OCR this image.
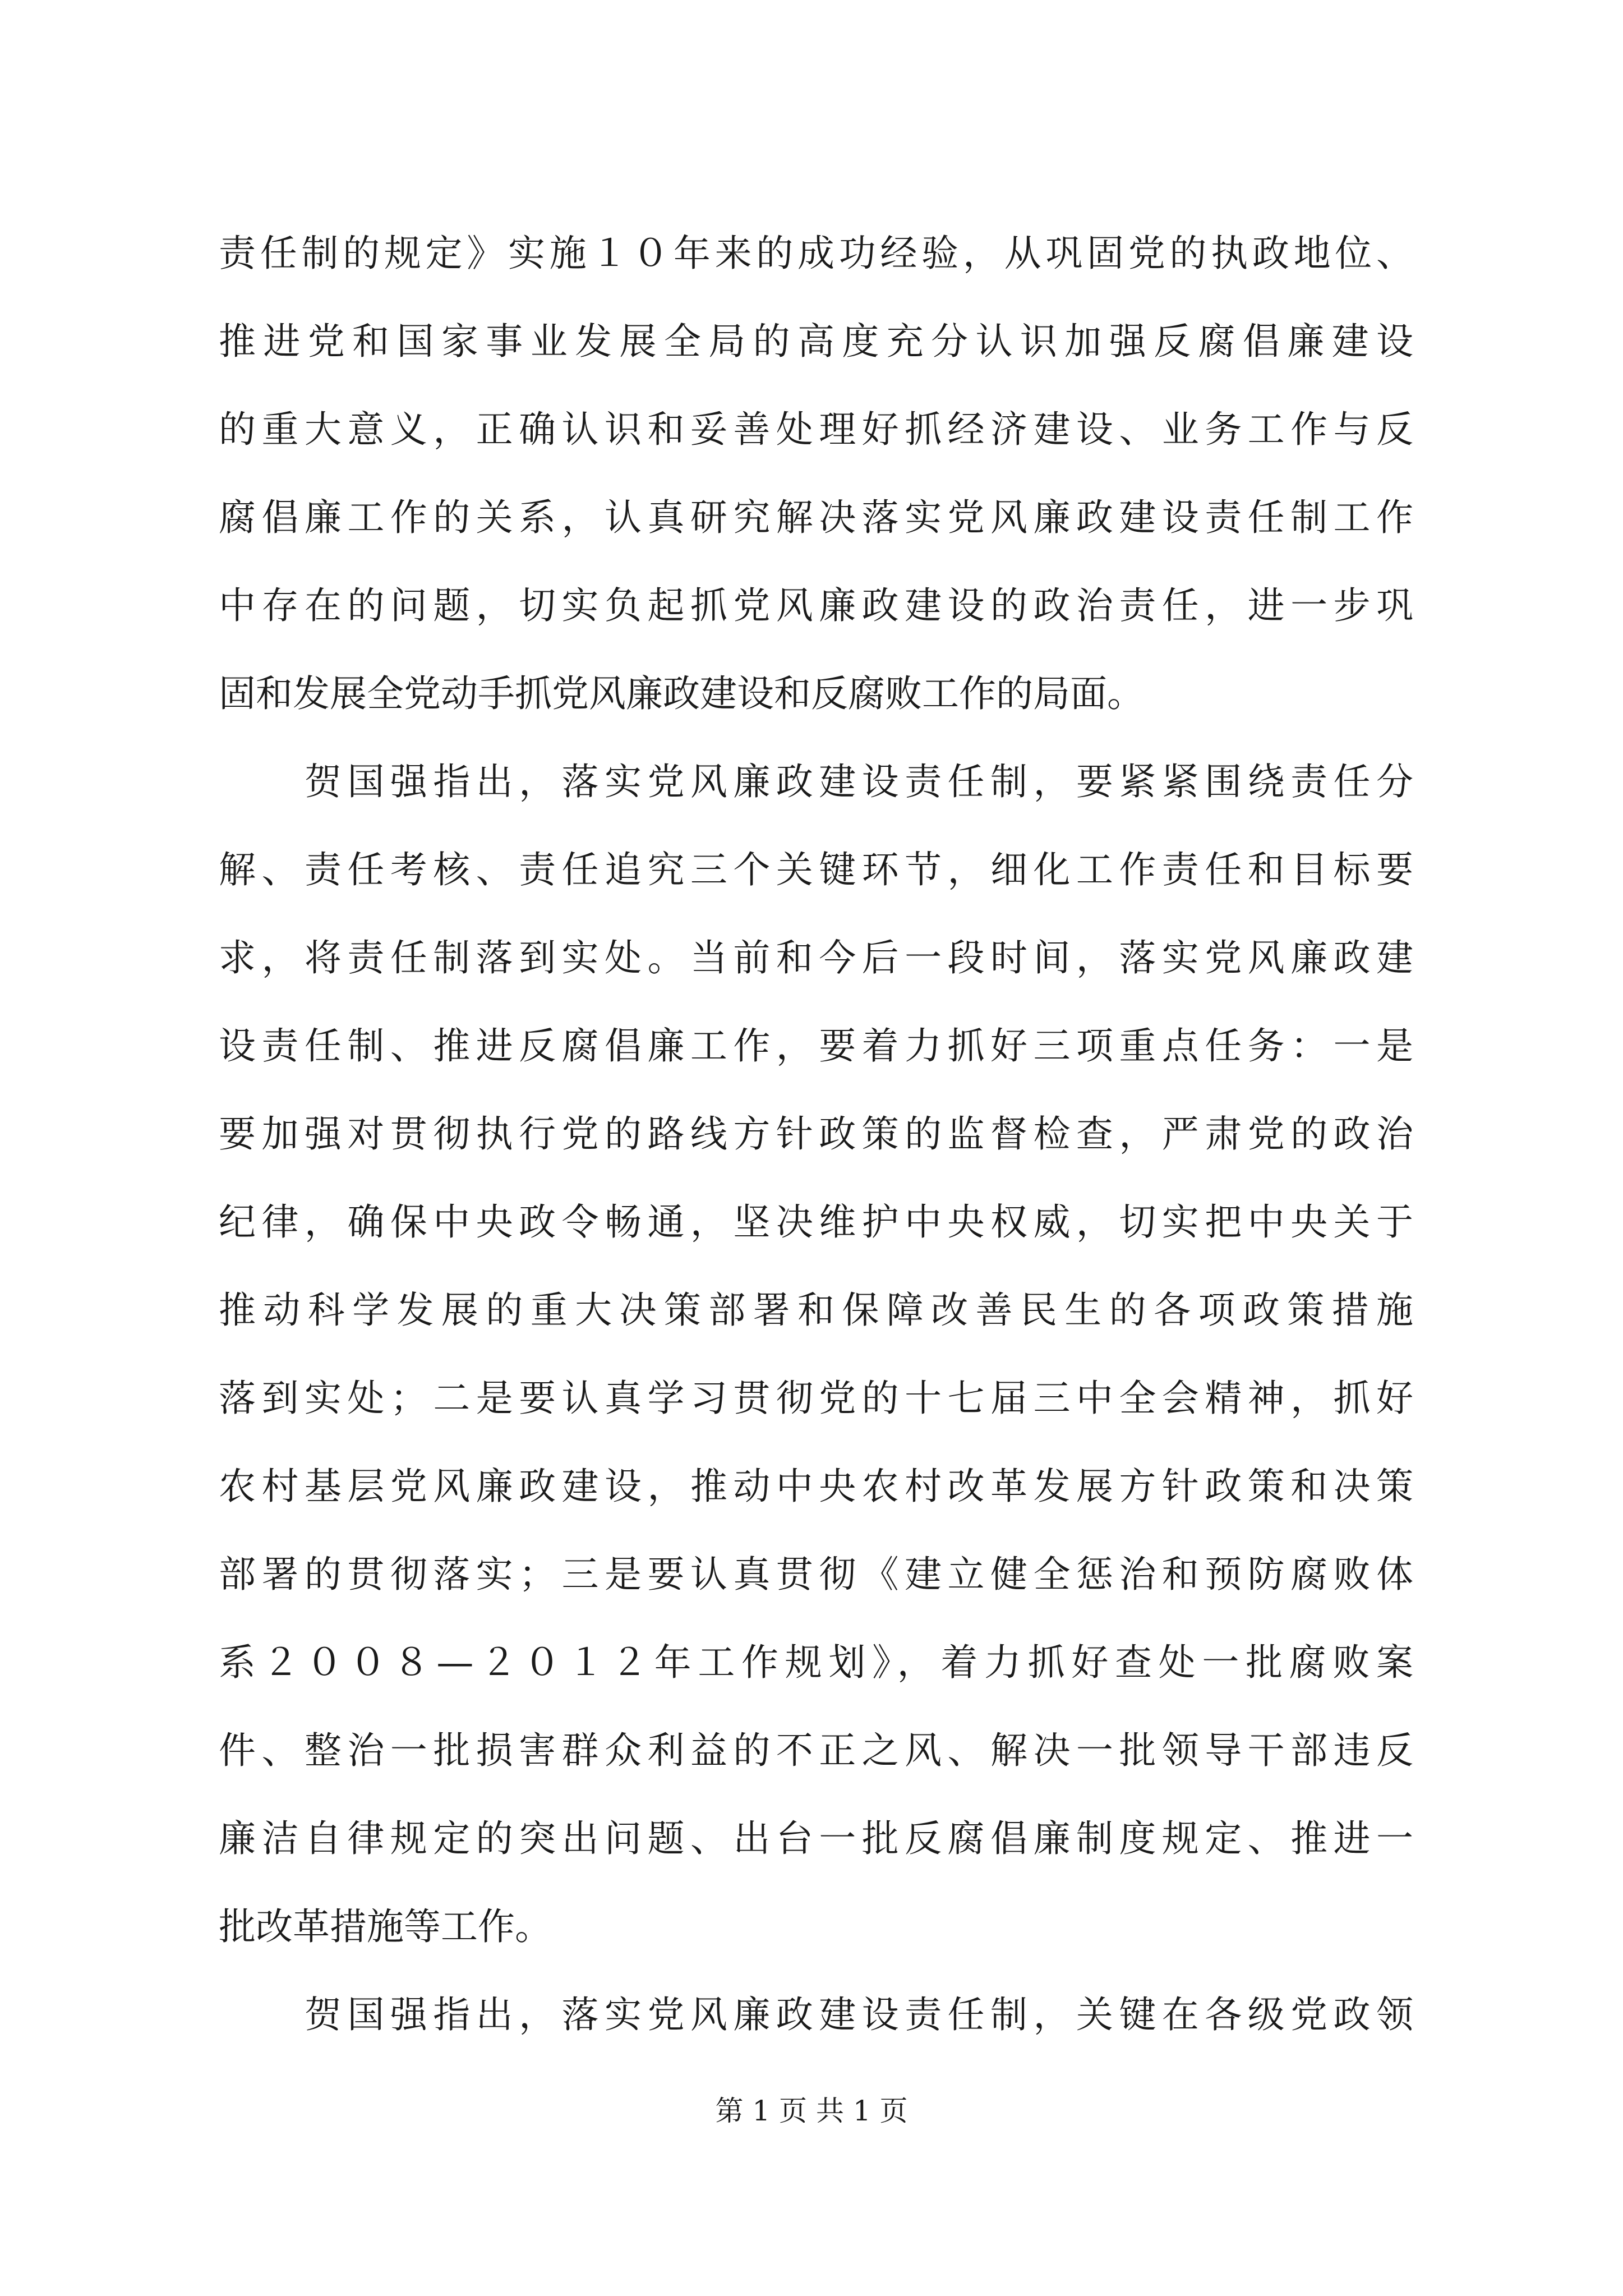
责任制的规定》实施１０年来的成功经验，从巩固党的执政地位、
推进党和国家事业发展全局的高度充分认识加强反腐倡廉建设
的重大意义，正确认识和妥善处理好抓经济建设、业务工作与反
腐倡廉工作的关系，认真研究解决落实党风廉政建设责任制工作
中存在的问题，切实负起抓党风廉政建设的政治责任，进一步巩
固和发展全党动手抓党风廉政建设和反腐败工作的局面。
　　贺国强指出，落实党风廉政建设责任制，要紧紧围绕责任分
解、责任考核、责任追究三个关键环节，细化工作责任和目标要
求，将责任制落到实处。当前和今后一段时间，落实党风廉政建
设责任制、推进反腐倡廉工作，要着力抓好三项重点任务：一是
要加强对贯彻执行党的路线方针政策的监督检查，严肃党的政治
纪律，确保中央政令畅通，坚决维护中央权威，切实把中央关于
推动科学发展的重大决策部署和保障改善民生的各项政策措施
落到实处；二是要认真学习贯彻党的十七届三中全会精神，抓好
农村基层党风廉政建设，推动中央农村改革发展方针政策和决策
部署的贯彻落实；三是要认真贯彻《建立健全惩治和预防腐败体
系２００８—２０１２年工作规划》，着力抓好查处一批腐败案
件、整治一批损害群众利益的不正之风、解决一批领导干部违反
廉洁自律规定的突出问题、出台一批反腐倡廉制度规定、推进一
批改革措施等工作。
　　贺国强指出，落实党风廉政建设责任制，关键在各级党政领
第 1 页 共 1 页
